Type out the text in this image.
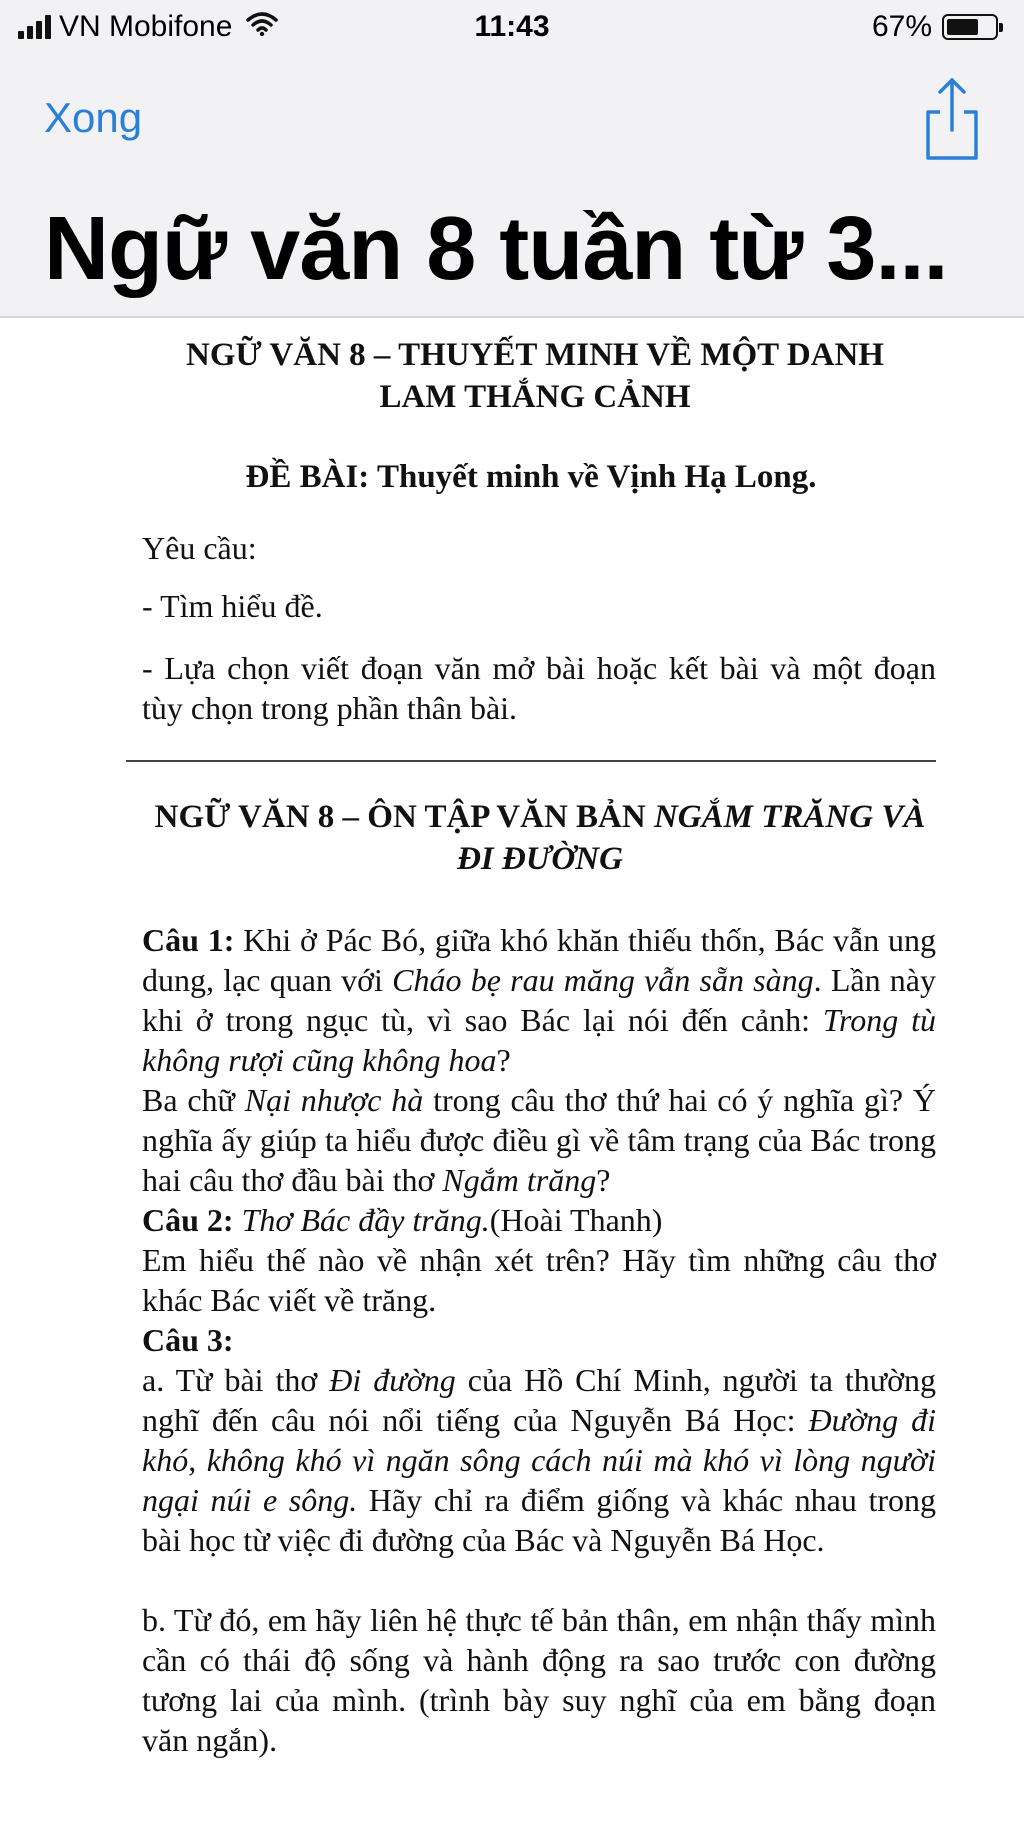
VN Mobifone	11:43	67%
Xong
Ngữ văn 8 tuần từ 3...
NGỮ VĂN 8 – THUYẾT MINH VỀ MỘT DANH
LAM THẮNG CẢNH
ĐỀ BÀI: Thuyết minh về Vịnh Hạ Long.
Yêu cầu:
- Tìm hiểu đề.
- Lựa chọn viết đoạn văn mở bài hoặc kết bài và một đoạn tùy chọn trong phần thân bài.
NGỮ VĂN 8 – ÔN TẬP VĂN BẢN NGẮM TRĂNG VÀ ĐI ĐƯỜNG
Câu 1: Khi ở Pác Bó, giữa khó khăn thiếu thốn, Bác vẫn ung dung, lạc quan với Cháo bẹ rau măng vẫn sẵn sàng. Lần này khi ở trong ngục tù, vì sao Bác lại nói đến cảnh: Trong tù không rượi cũng không hoa?
Ba chữ Nại nhược hà trong câu thơ thứ hai có ý nghĩa gì? Ý nghĩa ấy giúp ta hiểu được điều gì về tâm trạng của Bác trong hai câu thơ đầu bài thơ Ngắm trăng?
Câu 2: Thơ Bác đầy trăng.(Hoài Thanh)
Em hiểu thế nào về nhận xét trên? Hãy tìm những câu thơ khác Bác viết về trăng.
Câu 3:
a. Từ bài thơ Đi đường của Hồ Chí Minh, người ta thường nghĩ đến câu nói nổi tiếng của Nguyễn Bá Học: Đường đi khó, không khó vì ngăn sông cách núi mà khó vì lòng người ngại núi e sông. Hãy chỉ ra điểm giống và khác nhau trong bài học từ việc đi đường của Bác và Nguyễn Bá Học.
b. Từ đó, em hãy liên hệ thực tế bản thân, em nhận thấy mình cần có thái độ sống và hành động ra sao trước con đường tương lai của mình. (trình bày suy nghĩ của em bằng đoạn văn ngắn).
